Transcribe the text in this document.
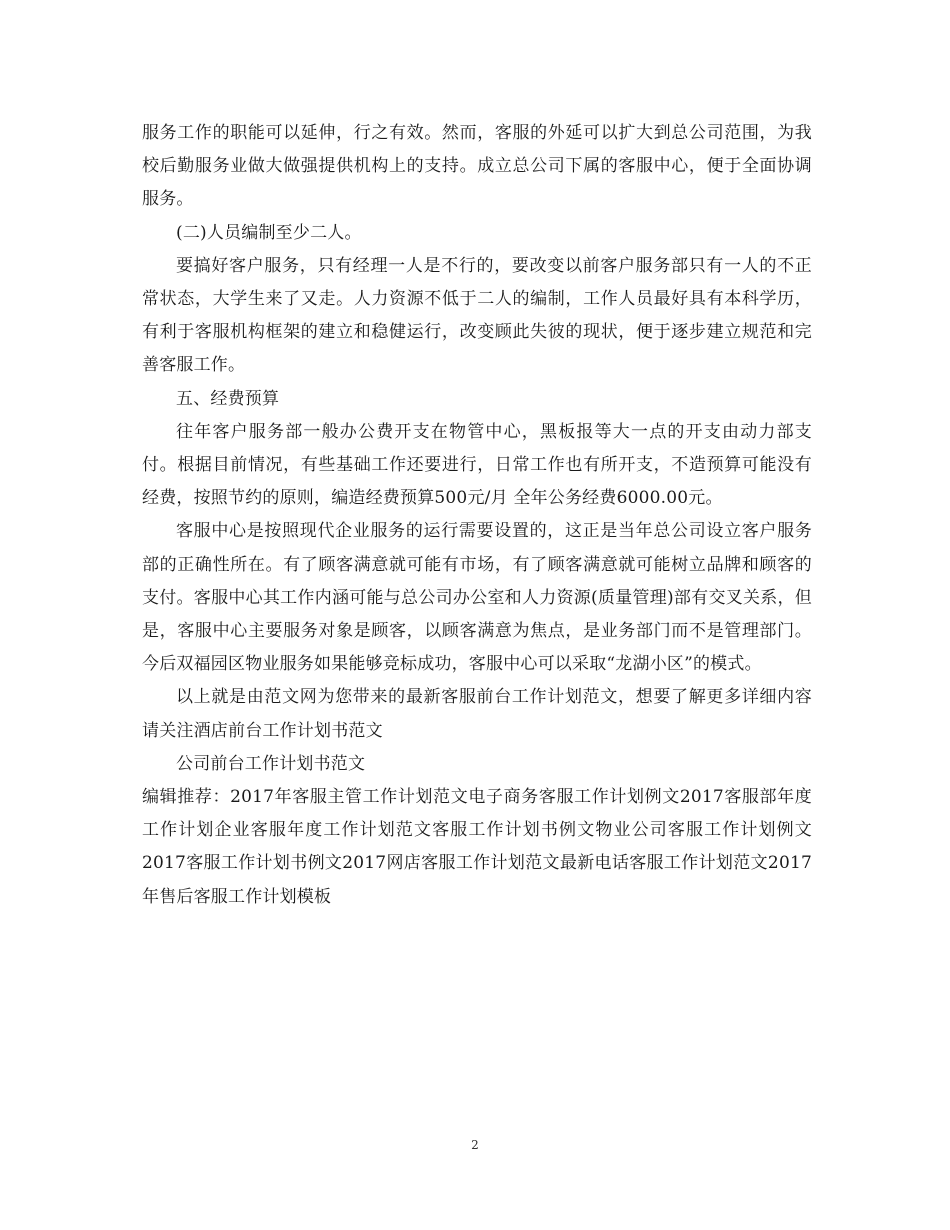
服务工作的职能可以延伸，行之有效。然而，客服的外延可以扩大到总公司范围，为我校后勤服务业做大做强提供机构上的支持。成立总公司下属的客服中心，便于全面协调服务。

(二)人员编制至少二人。

要搞好客户服务，只有经理一人是不行的，要改变以前客户服务部只有一人的不正常状态，大学生来了又走。人力资源不低于二人的编制，工作人员最好具有本科学历，有利于客服机构框架的建立和稳健运行，改变顾此失彼的现状，便于逐步建立规范和完善客服工作。

五、经费预算

往年客户服务部一般办公费开支在物管中心，黑板报等大一点的开支由动力部支付。根据目前情况，有些基础工作还要进行，日常工作也有所开支，不造预算可能没有经费，按照节约的原则，编造经费预算500元/月 全年公务经费6000.00元。

客服中心是按照现代企业服务的运行需要设置的，这正是当年总公司设立客户服务部的正确性所在。有了顾客满意就可能有市场，有了顾客满意就可能树立品牌和顾客的支付。客服中心其工作内涵可能与总公司办公室和人力资源(质量管理)部有交叉关系，但是，客服中心主要服务对象是顾客，以顾客满意为焦点，是业务部门而不是管理部门。今后双福园区物业服务如果能够竞标成功，客服中心可以采取“龙湖小区”的模式。

以上就是由范文网为您带来的最新客服前台工作计划范文，想要了解更多详细内容请关注酒店前台工作计划书范文

公司前台工作计划书范文

编辑推荐：2017年客服主管工作计划范文电子商务客服工作计划例文2017客服部年度工作计划企业客服年度工作计划范文客服工作计划书例文物业公司客服工作计划例文2017客服工作计划书例文2017网店客服工作计划范文最新电话客服工作计划范文2017年售后客服工作计划模板

2
